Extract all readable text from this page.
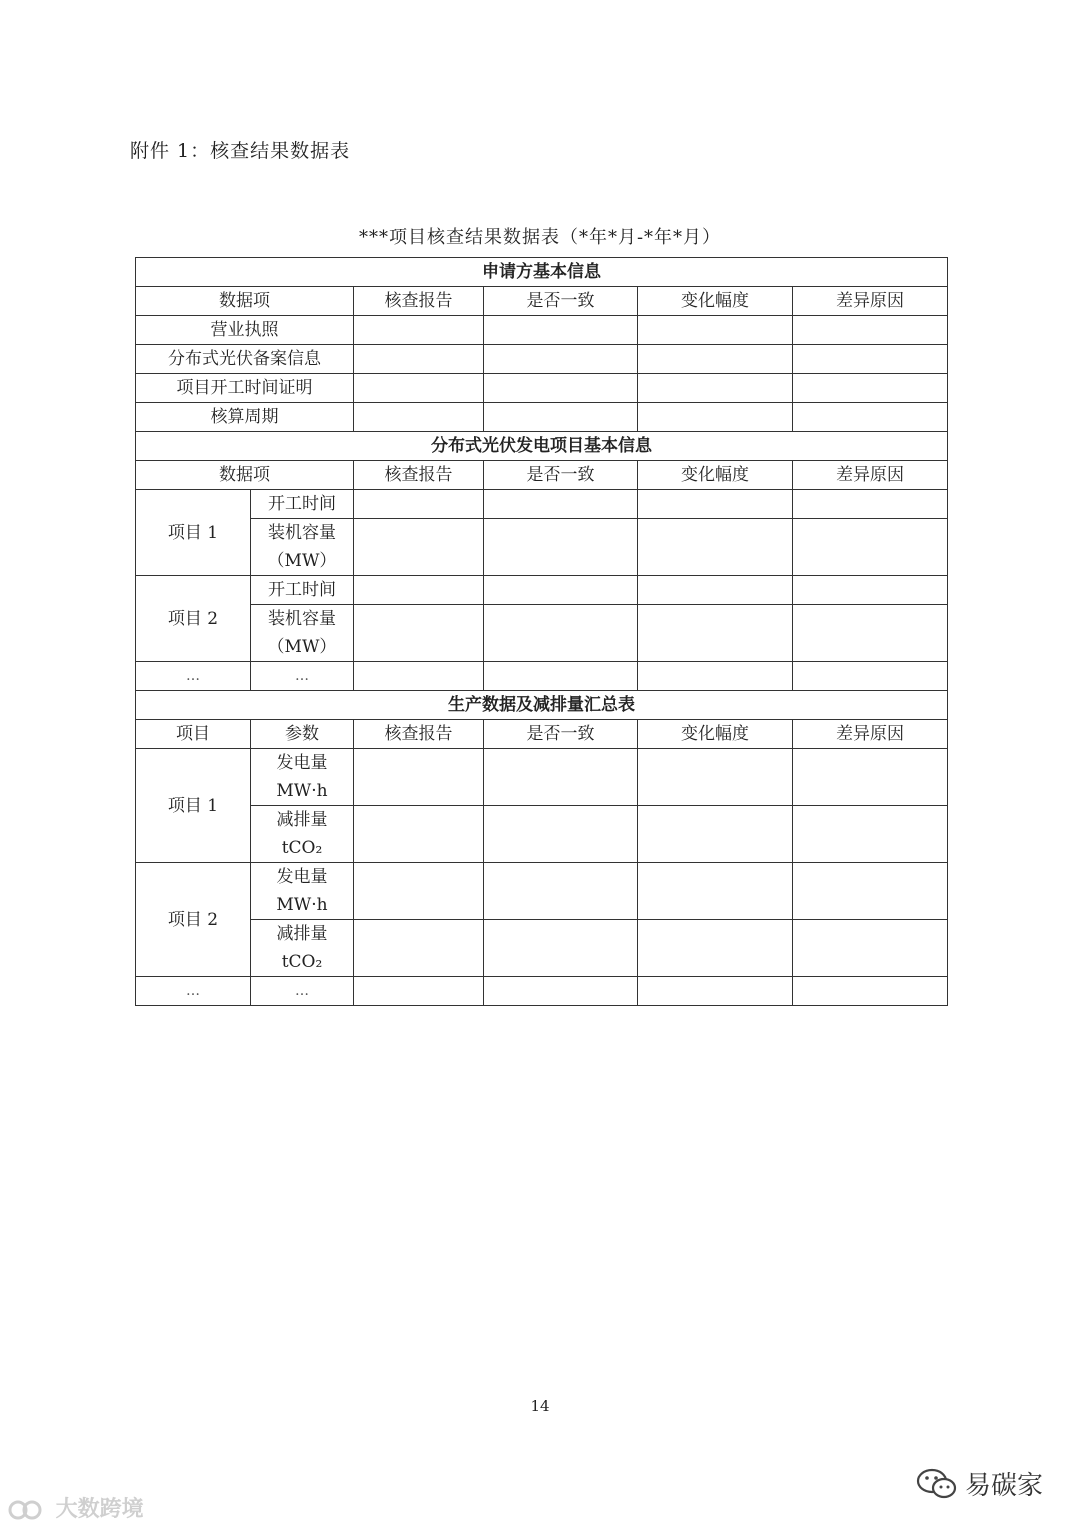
附件 1：核查结果数据表
***项目核查结果数据表（*年*月-*年*月）
申请方基本信息					
数据项		核查报告	是否一致	变化幅度	差异原因
营业执照					
分布式光伏备案信息					
项目开工时间证明					
核算周期					
分布式光伏发电项目基本信息					
数据项		核查报告	是否一致	变化幅度	差异原因
项目 1	开工时间				

	装机容量
（MW）				

项目 2	开工时间				

	装机容量
（MW）				

…	…				
生产数据及减排量汇总表					
项目	参数	核查报告	是否一致	变化幅度	差异原因
项目 1	发电量
MW·h				

	减排量
tCO₂				

项目 2	发电量
MW·h				

	减排量
tCO₂				

…	…				
14
大数跨境
易碳家
